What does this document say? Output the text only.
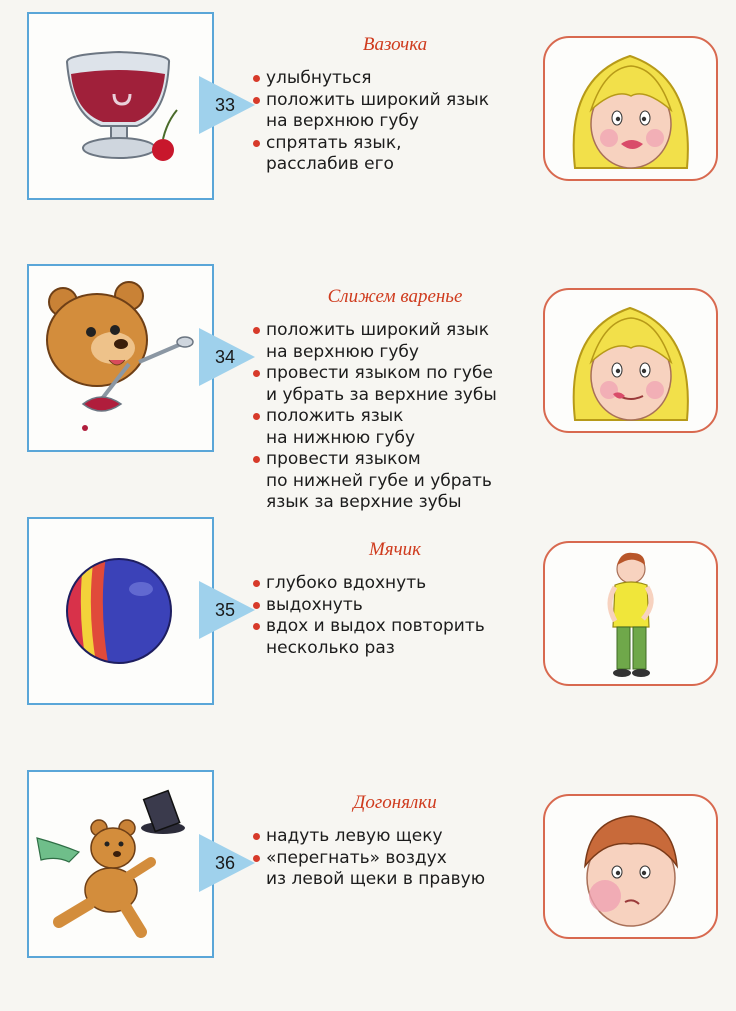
33
Вазочка
улыбнуться
положить широкий язык
на верхнюю губу
спрятать язык,
расслабив его
34
Слижем варенье
положить широкий язык
на верхнюю губу
провести языком по губе
и убрать за верхние зубы
положить язык
на нижнюю губу
провести языком
по нижней губе и убрать
язык за верхние зубы
35
Мячик
глубоко вдохнуть
выдохнуть
вдох и выдох повторить
несколько раз
36
Догонялки
надуть левую щеку
«перегнать» воздух
из левой щеки в правую
